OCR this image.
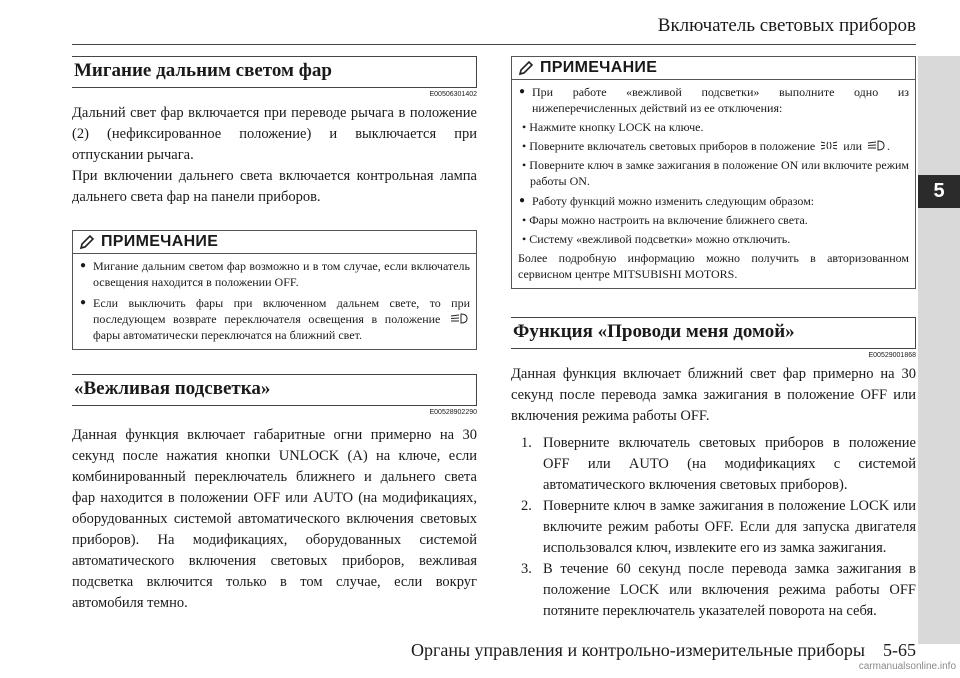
Включатель световых приборов
5
Мигание дальним светом фар
E00506301402

Дальний свет фар включается при переводе рычага в положение (2) (нефиксированное положение) и выключается при отпускании рычага.

При включении дальнего света включается контрольная лампа дальнего света фар на панели приборов.

ПРИМЕЧАНИЕ
● Мигание дальним светом фар возможно и в том случае, если включатель освещения находится в положении OFF.
● Если выключить фары при включенном дальнем свете, то при последующем возврате переключателя освещения в положение  фары автоматически переключатся на ближний свет.
«Вежливая подсветка»
E00528902290

Данная функция включает габаритные огни примерно на 30 секунд после нажатия кнопки UNLOCK (A) на ключе, если комбинированный переключатель ближнего и дальнего света фар находится в положении OFF или AUTO (на модификациях, оборудованных системой автоматического включения световых приборов). На модификациях, оборудованных системой автоматического включения световых приборов, вежливая подсветка включится только в том случае, если вокруг автомобиля темно.

ПРИМЕЧАНИЕ
● При работе «вежливой подсветки» выполните одно из нижеперечисленных действий из ее отключения:
• Нажмите кнопку LOCK на ключе.
• Поверните включатель световых приборов в положение или .
• Поверните ключ в замке зажигания в положение ON или включите режим работы ON.
● Работу функций можно изменить следующим образом:
• Фары можно настроить на включение ближнего света.
• Систему «вежливой подсветки» можно отключить.
Более подробную информацию можно получить в авторизованном сервисном центре MITSUBISHI MOTORS.
Функция «Проводи меня домой»
E00529001868

Данная функция включает ближний свет фар примерно на 30 секунд после перевода замка зажигания в положение OFF или включения режима работы OFF.

1. Поверните включатель световых приборов в положение OFF или AUTO (на модификациях с системой автоматического включения световых приборов).
2. Поверните ключ в замке зажигания в положение LOCK или включите режим работы OFF. Если для запуска двигателя использовался ключ, извлеките его из замка зажигания.
3. В течение 60 секунд после перевода замка зажигания в положение LOCK или включения режима работы OFF потяните переключатель указателей поворота на себя.
Органы управления и контрольно-измерительные приборы 5-65
carmanualsonline.info
